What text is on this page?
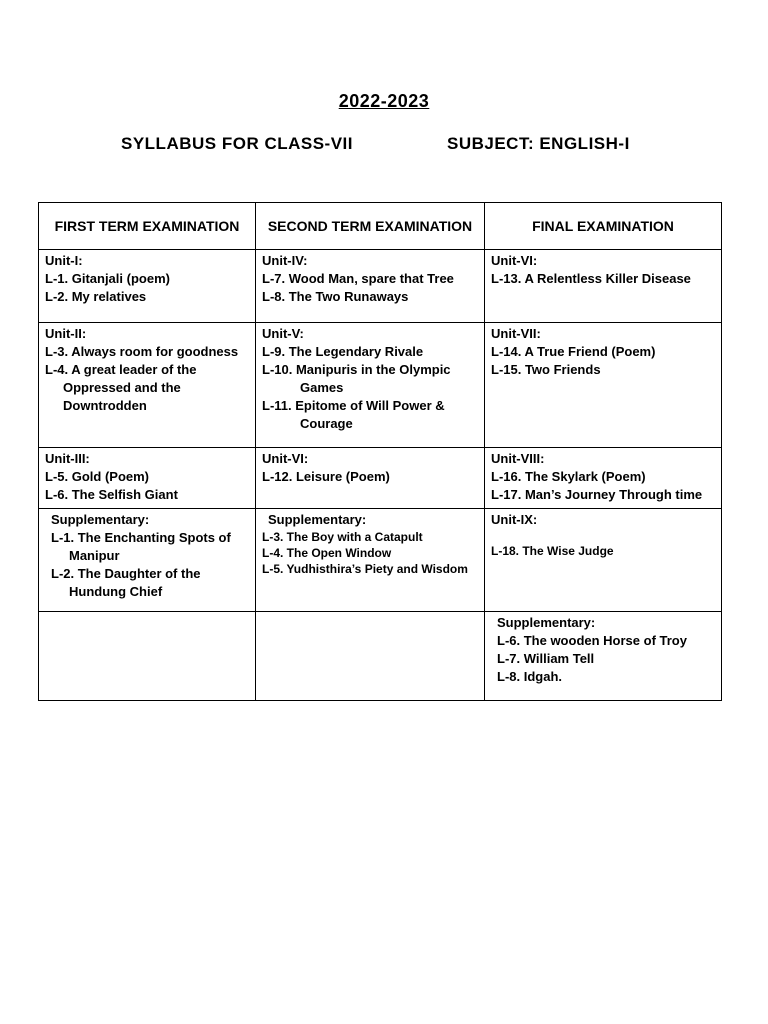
2022-2023
SYLLABUS FOR CLASS-VII	SUBJECT: ENGLISH-I
FIRST TERM EXAMINATION	SECOND TERM EXAMINATION	FINAL EXAMINATION

Unit-I:
L-1. Gitanjali (poem)
L-2. My relatives	Unit-IV:
L-7. Wood Man, spare that Tree
L-8. The Two Runaways	Unit-VI:
L-13. A Relentless Killer Disease

Unit-II:
L-3. Always room for goodness
L-4. A great leader of the Oppressed and the Downtrodden	Unit-V:
L-9. The Legendary Rivale
L-10. Manipuris in the Olympic Games
L-11. Epitome of Will Power & Courage	Unit-VII:
L-14. A True Friend (Poem)
L-15. Two Friends

Unit-III:
L-5. Gold (Poem)
L-6. The Selfish Giant	Unit-VI:
L-12. Leisure (Poem)	Unit-VIII:
L-16. The Skylark (Poem)
L-17. Man’s Journey Through time

Supplementary:
L-1. The Enchanting Spots of Manipur
L-2. The Daughter of the Hundung Chief	Supplementary:
L-3. The Boy with a Catapult
L-4. The Open Window
L-5. Yudhisthira’s Piety and Wisdom	Unit-IX:
L-18. The Wise Judge

		Supplementary:
L-6. The wooden Horse of Troy
L-7. William Tell
L-8. Idgah.
